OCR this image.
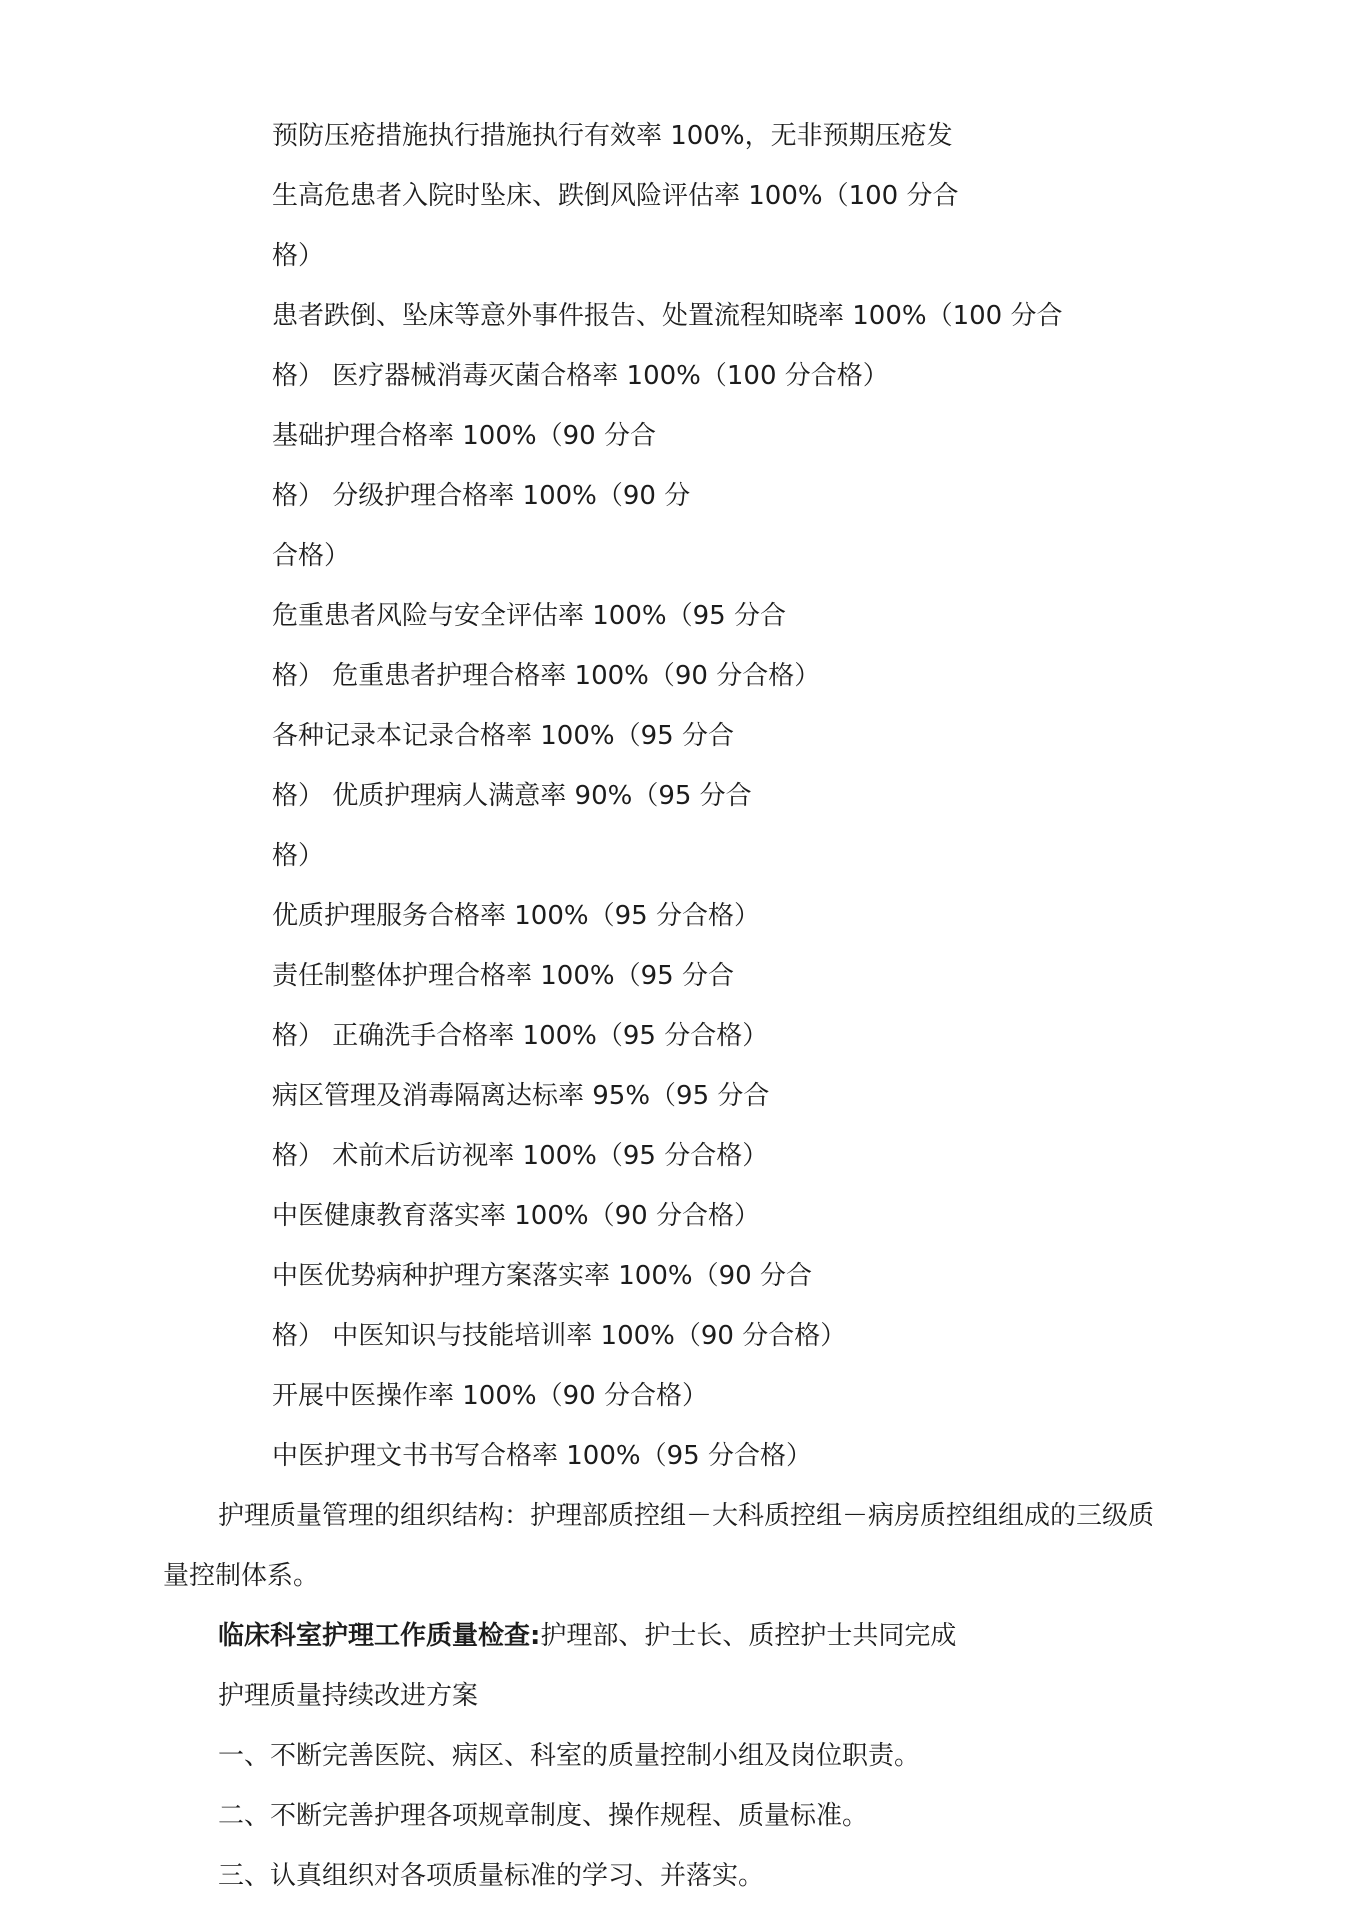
预防压疮措施执行措施执行有效率 100%，无非预期压疮发
生高危患者入院时坠床、跌倒风险评估率 100%（100 分合
格）
患者跌倒、坠床等意外事件报告、处置流程知晓率 100%（100 分合
格） 医疗器械消毒灭菌合格率 100%（100 分合格）
基础护理合格率 100%（90 分合
格） 分级护理合格率 100%（90 分
合格）
危重患者风险与安全评估率 100%（95 分合
格） 危重患者护理合格率 100%（90 分合格）
各种记录本记录合格率 100%（95 分合
格） 优质护理病人满意率 90%（95 分合
格）
优质护理服务合格率 100%（95 分合格）
责任制整体护理合格率 100%（95 分合
格） 正确洗手合格率 100%（95 分合格）
病区管理及消毒隔离达标率 95%（95 分合
格） 术前术后访视率 100%（95 分合格）
中医健康教育落实率 100%（90 分合格）
中医优势病种护理方案落实率 100%（90 分合
格） 中医知识与技能培训率 100%（90 分合格）
开展中医操作率 100%（90 分合格）
中医护理文书书写合格率 100%（95 分合格）
护理质量管理的组织结构：护理部质控组－大科质控组－病房质控组组成的三级质
量控制体系。
临床科室护理工作质量检查:护理部、护士长、质控护士共同完成
护理质量持续改进方案
一、不断完善医院、病区、科室的质量控制小组及岗位职责。
二、不断完善护理各项规章制度、操作规程、质量标准。
三、认真组织对各项质量标准的学习、并落实。
